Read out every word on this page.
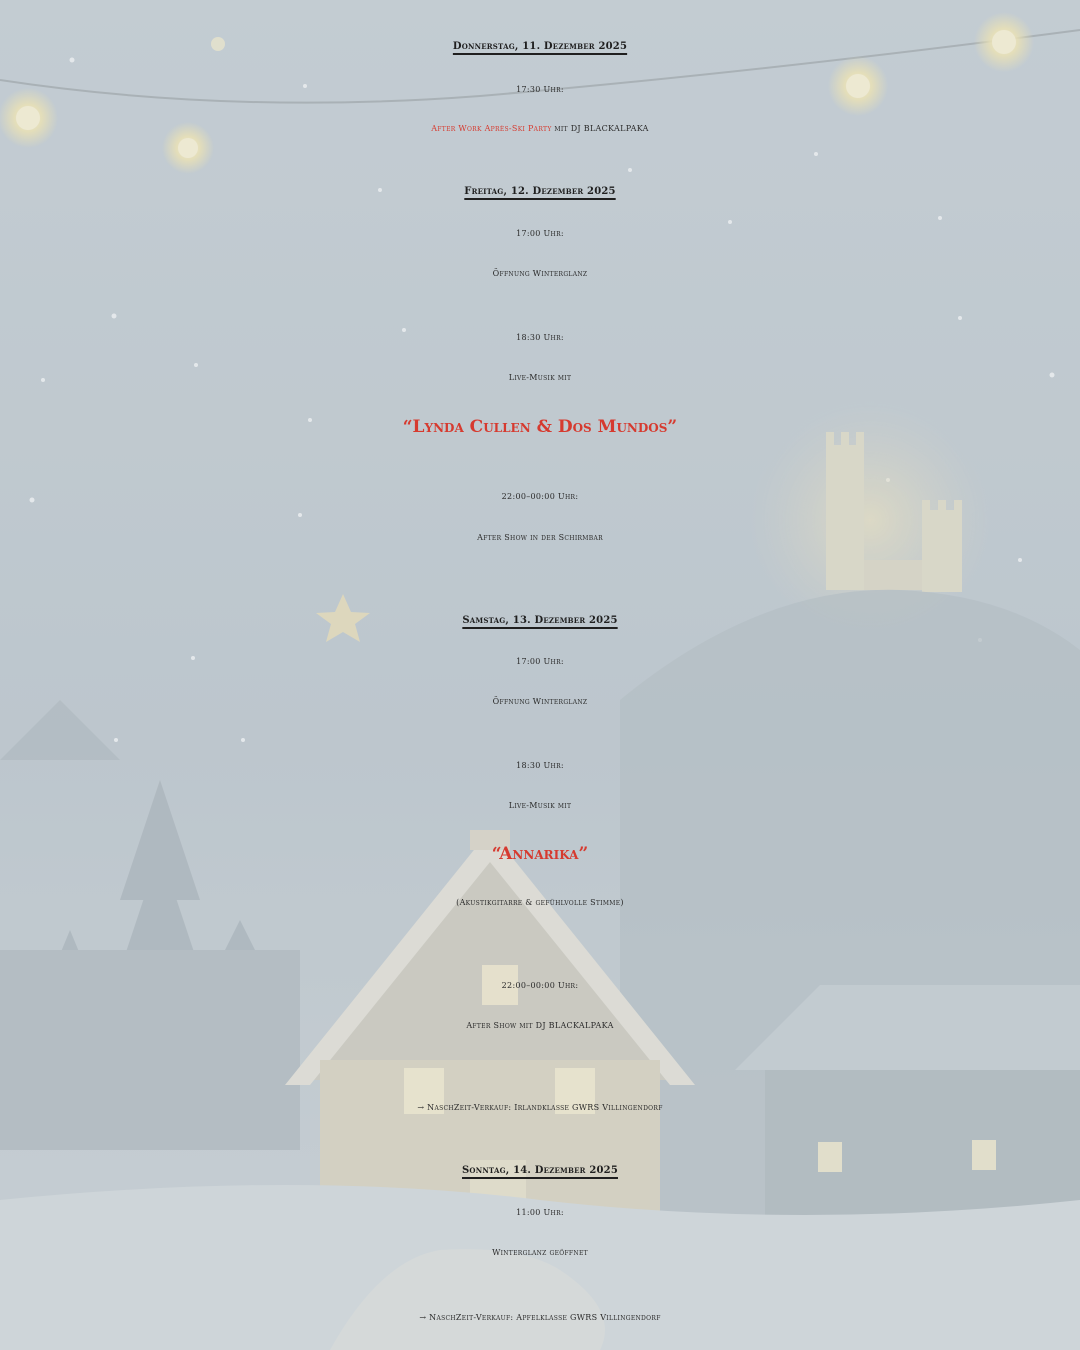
Donnerstag, 11. Dezember 2025

17:30 Uhr:

After Work Après-Ski Party mit DJ BLACKALPAKA

Freitag, 12. Dezember 2025

17:00 Uhr:

Öffnung Winterglanz

18:30 Uhr:

Live-Musik mit

“Lynda Cullen & Dos Mundos”

22:00–00:00 Uhr:

After Show in der Schirmbar

Samstag, 13. Dezember 2025

17:00 Uhr:

Öffnung Winterglanz

18:30 Uhr:

Live-Musik mit

“Annarika”

(Akustikgitarre & gefühlvolle Stimme)

22:00–00:00 Uhr:

After Show mit DJ BLACKALPAKA

→ NaschZeit-Verkauf: Irlandklasse GWRS Villingendorf

Sonntag, 14. Dezember 2025

11:00 Uhr:

Winterglanz geöffnet

→ NaschZeit-Verkauf: Apfelklasse GWRS Villingendorf
